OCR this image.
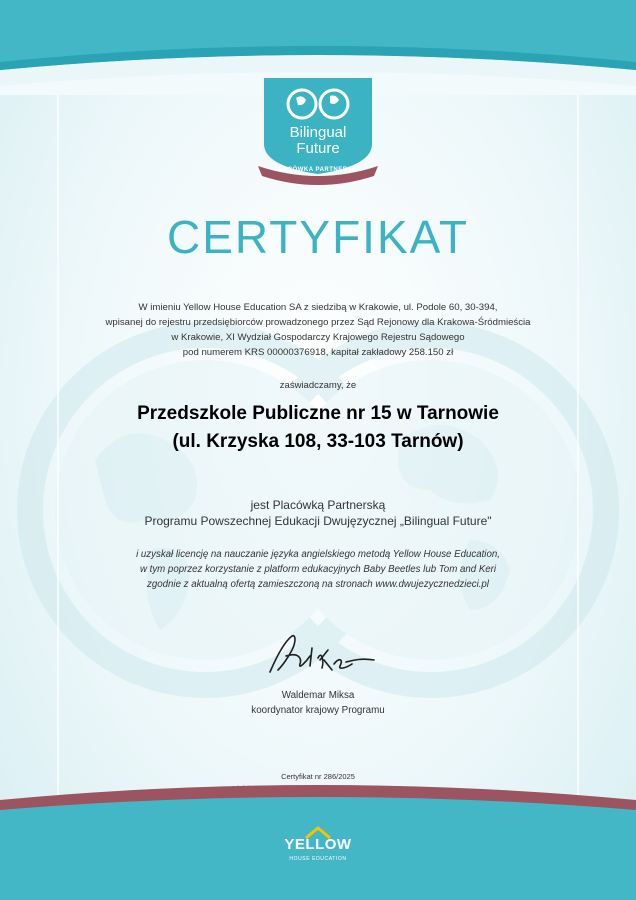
Bilingual
Future
PLACÓWKA PARTNERSKA
CERTYFIKAT
W imieniu Yellow House Education SA z siedzibą w Krakowie, ul. Podole 60, 30-394,
wpisanej do rejestru przedsiębiorców prowadzonego przez Sąd Rejonowy dla Krakowa-Śródmieścia
w Krakowie, XI Wydział Gospodarczy Krajowego Rejestru Sądowego
pod numerem KRS 00000376918, kapitał zakładowy 258.150 zł
zaświadczamy, że
Przedszkole Publiczne nr 15 w Tarnowie
(ul. Krzyska 108, 33-103 Tarnów)
jest Placówką Partnerską
Programu Powszechnej Edukacji Dwujęzycznej „Bilingual Future"
i uzyskał licencję na nauczanie języka angielskiego metodą Yellow House Education,
w tym poprzez korzystanie z platform edukacyjnych Baby Beetles lub Tom and Keri
zgodnie z aktualną ofertą zamieszczoną na stronach www.dwujezycznedzieci.pl
Waldemar Miksa
koordynator krajowy Programu
Certyfikat nr 286/2025
YELLOW
HOUSE EDUCATION
